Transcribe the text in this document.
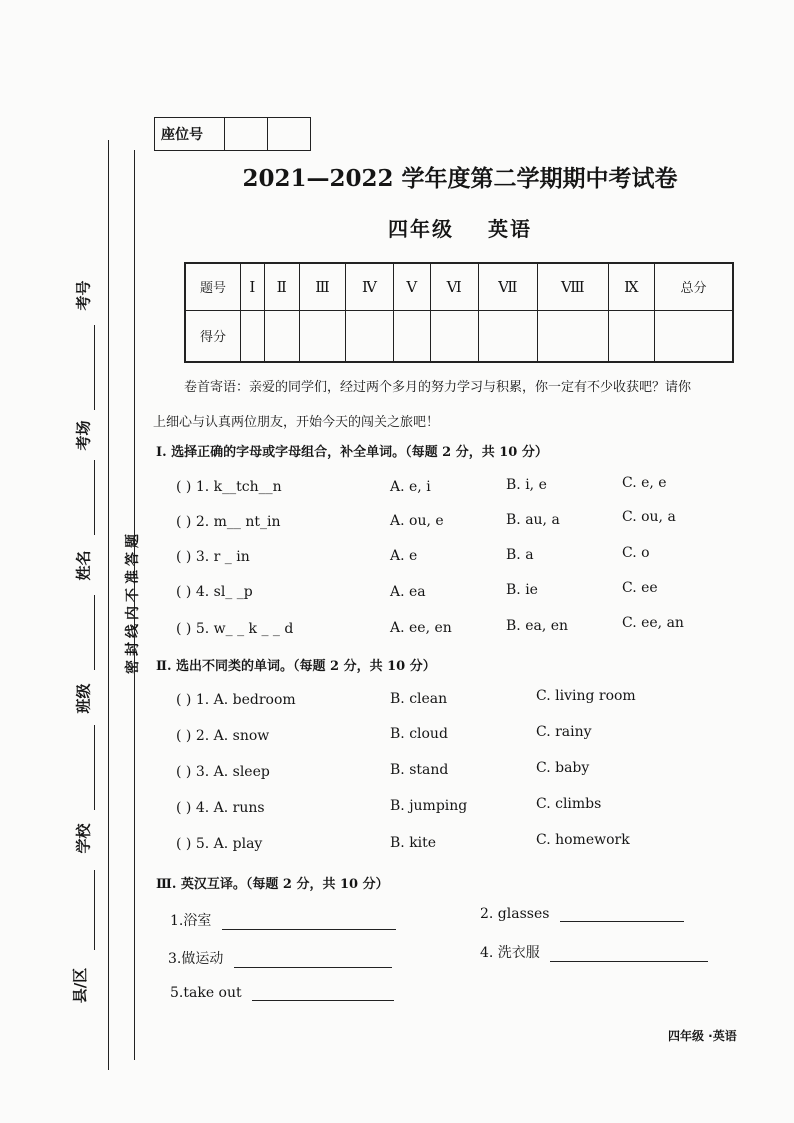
考号
考场
姓名
班级
学校
县/区
密封线内不准答题
座位号		
2021—2022 学年度第二学期期中考试卷
四年级 英语
题号	Ⅰ	Ⅱ	Ⅲ	Ⅳ	Ⅴ	Ⅵ	Ⅶ	Ⅷ	Ⅸ	总分
得分										
卷首寄语：亲爱的同学们，经过两个多月的努力学习与积累，你一定有不少收获吧？请你
上细心与认真两位朋友，开始今天的闯关之旅吧！
Ⅰ. 选择正确的字母或字母组合，补全单词。（每题 2 分，共 10 分）
( ) 1. k__tch__n	A. e, i	B. i, e	C. e, e
( ) 2. m__ nt_in	A. ou, e	B. au, a	C. ou, a
( ) 3. r _ in	A. e	B. a	C. o
( ) 4. sl_ _p	A. ea	B. ie	C. ee
( ) 5. w_ _ k _ _ d	A. ee, en	B. ea, en	C. ee, an
Ⅱ. 选出不同类的单词。（每题 2 分，共 10 分）
( ) 1. A. bedroom	B. clean	C. living room
( ) 2. A. snow	B. cloud	C. rainy
( ) 3. A. sleep	B. stand	C. baby
( ) 4. A. runs	B. jumping	C. climbs
( ) 5. A. play	B. kite	C. homework
Ⅲ. 英汉互译。（每题 2 分，共 10 分）
1.浴室	2. glasses
3.做运动	4. 洗衣服
5.take out
四年级 ·英语
